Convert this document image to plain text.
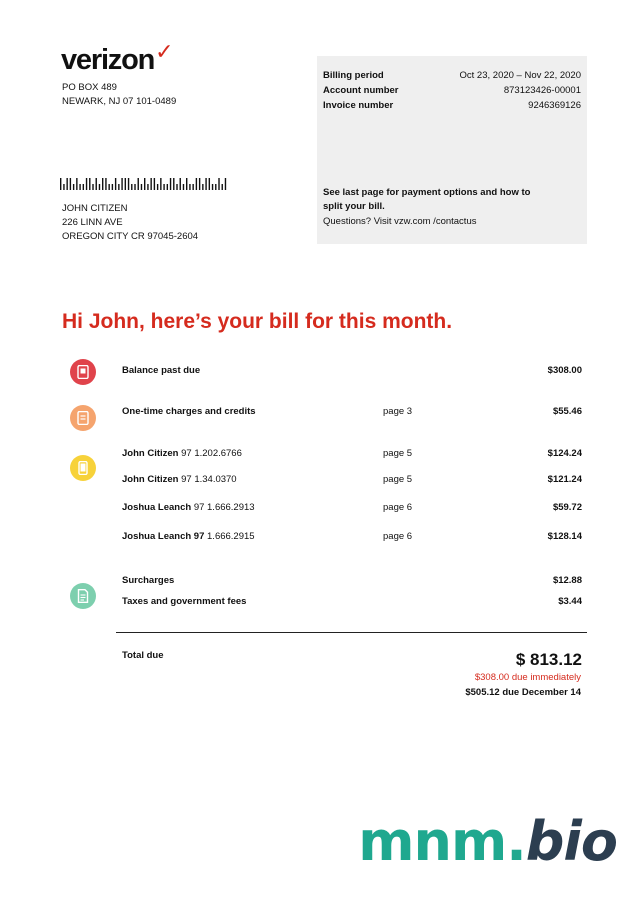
verizon✓
PO BOX 489
NEWARK, NJ 07 101-0489
Billing period	Oct 23, 2020 – Nov 22, 2020
Account number	873123426-00001
Invoice number	9246369126
See last page for payment options and how to
split your bill.
Questions? Visit vzw.com /contactus
JOHN CITIZEN
226 LINN AVE
OREGON CITY CR 97045-2604
Hi John, here’s your bill for this month.
Balance past due	$308.00
One-time charges and credits	page 3	$55.46
John Citizen 97 1.202.6766	page 5	$124.24
John Citizen 97 1.34.0370	page 5	$121.24
Joshua Leanch 97 1.666.2913	page 6	$59.72
Joshua Leanch 97 1.666.2915	page 6	$128.14
Surcharges	$12.88
Taxes and government fees	$3.44
Total due	$ 813.12
$308.00 due immediately
$505.12 due December 14
mnm.bio
